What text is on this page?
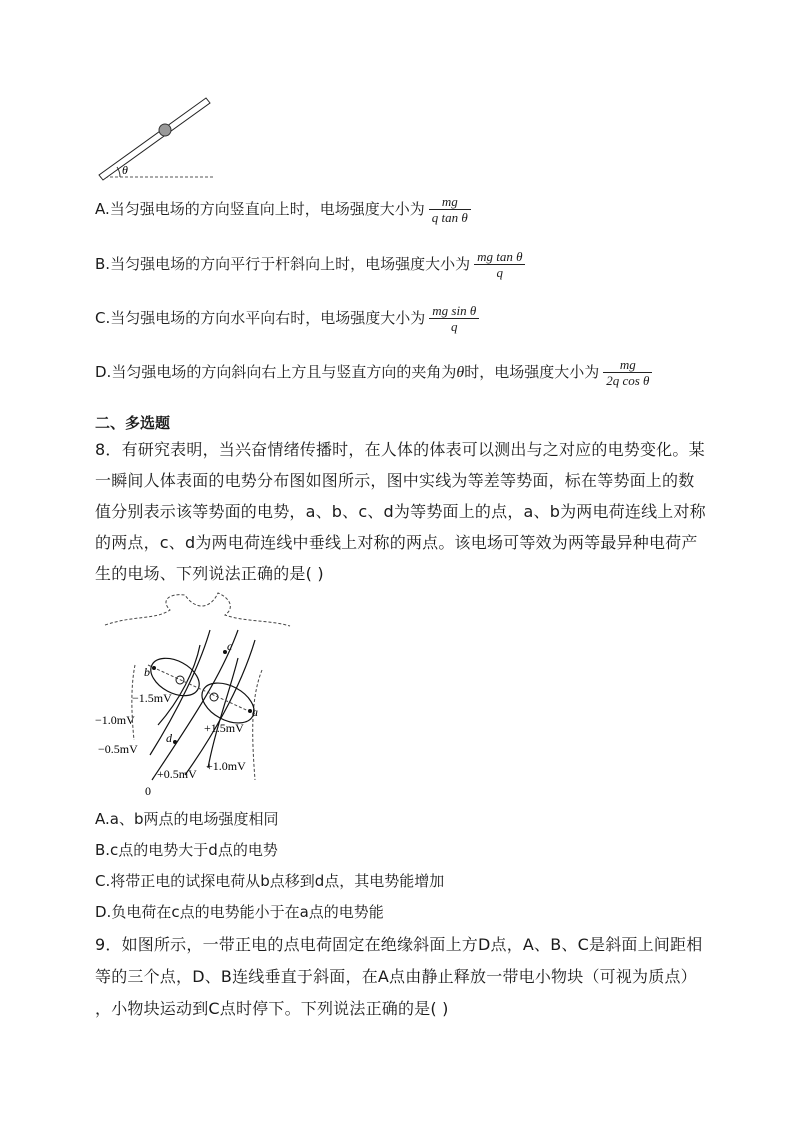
θ
A.当匀强电场的方向竖直向上时，电场强度大小为 $\frac{mg}{\text{q tan θ}}$
B.当匀强电场的方向平行于杆斜向上时，电场强度大小为 $\frac{\text{mg tan θ}}{q}$
C.当匀强电场的方向水平向右时，电场强度大小为 $\frac{\text{mg sin θ}}{q}$
D.当匀强电场的方向斜向右上方且与竖直方向的夹角为θ时，电场强度大小为 $\frac{mg}{\text{2q cos θ}}$
二、多选题
8．有研究表明，当兴奋情绪传播时，在人体的体表可以测出与之对应的电势变化。某
一瞬间人体表面的电势分布图如图所示，图中实线为等差等势面，标在等势面上的数
值分别表示该等势面的电势，a、b、c、d为等势面上的点，a、b为两电荷连线上对称
的两点，c、d为两电荷连线中垂线上对称的两点。该电场可等效为两等最异种电荷产
生的电场、下列说法正确的是( )
b
a
c
d
0
−1.5mV
−1.0mV
−0.5mV
+1.5mV
+1.0mV
+0.5mV
A.a、b两点的电场强度相同
B.c点的电势大于d点的电势
C.将带正电的试探电荷从b点移到d点，其电势能增加
D.负电荷在c点的电势能小于在a点的电势能
9．如图所示，一带正电的点电荷固定在绝缘斜面上方D点，A、B、C是斜面上间距相
等的三个点，D、B连线垂直于斜面，在A点由静止释放一带电小物块（可视为质点）
，小物块运动到C点时停下。下列说法正确的是( )
